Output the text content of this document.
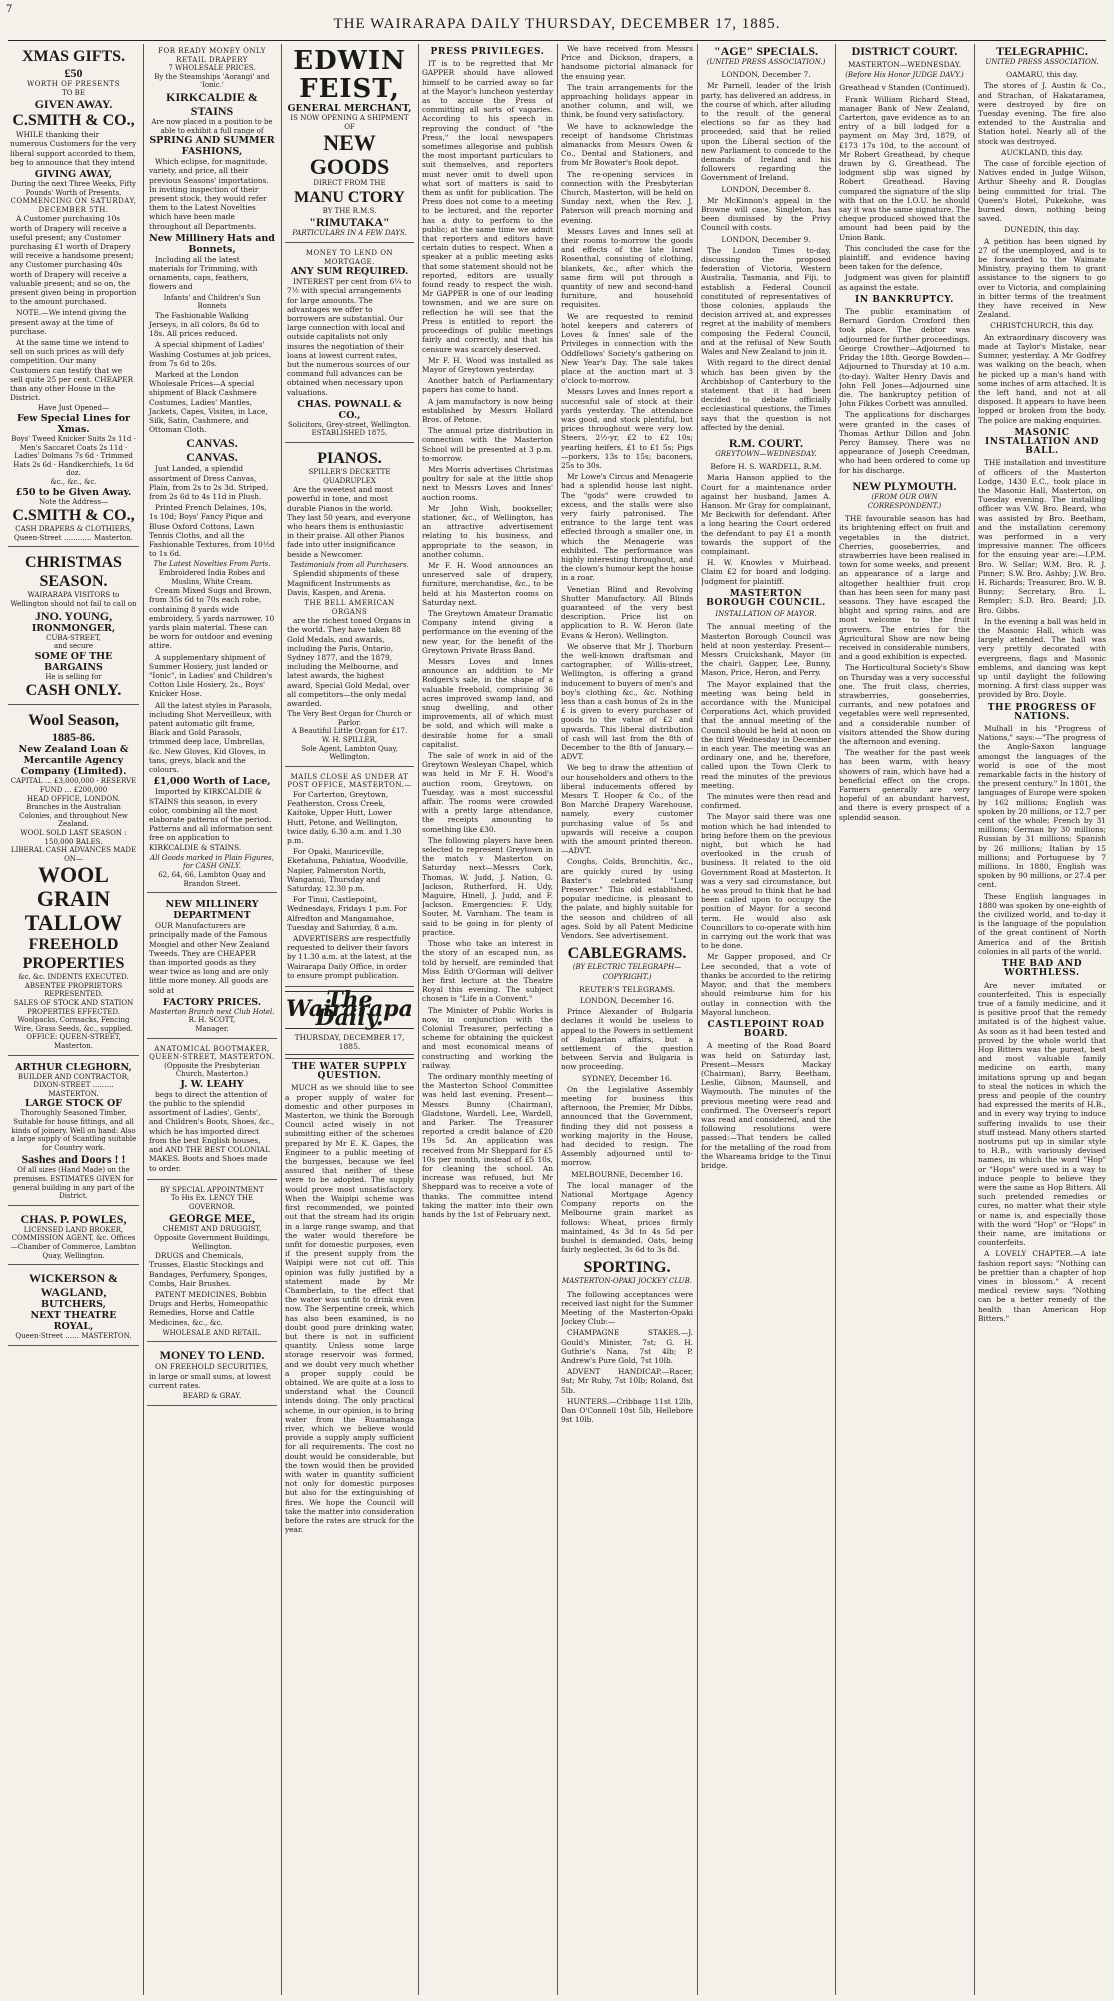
7
THE WAIRARAPA DAILY THURSDAY, DECEMBER 17, 1885.
XMAS GIFTS.
£50
WORTH OF PRESENTS
TO BE
GIVEN AWAY.
C.SMITH & CO.,

WHILE thanking their numerous Customers for the very liberal support accorded to them, beg to announce that they intend

GIVING AWAY,
During the next Three Weeks, Fifty Pounds' Worth of Presents.
COMMENCING ON SATURDAY, DECEMBER 5TH.

A Customer purchasing 10s worth of Drapery will receive a useful present; any Customer purchasing £1 worth of Drapery will receive a handsome present; any Customer purchasing 40s worth of Drapery will receive a valuable present; and so on, the present given being in proportion to the amount purchased.

NOTE.—We intend giving the present away at the time of purchase.

At the same time we intend to sell on such prices as will defy competition. Our many Customers can testify that we sell quite 25 per cent. CHEAPER than any other House in the District.

Have Just Opened—
Few Special Lines for Xmas.
Boys' Tweed Knicker Suits 2s 11d · Men's Saccaret Coats 2s 11d · Ladies' Dolmans 7s 6d · Trimmed Hats 2s 6d · Handkerchiefs, 1s 6d doz.
&c., &c., &c.
£50 to be Given Away.
Note the Address—
C.SMITH & CO.,
CASH DRAPERS & CLOTHIERS, Queen-Street ………… Masterton.
CHRISTMAS
SEASON.
WAIRARAPA VISITORS to Wellington should not fail to call on
JNO. YOUNG,
IRONMONGER,
CUBA-STREET,
and secure
SOME OF THE BARGAINS
He is selling for
CASH ONLY.
Wool Season,
1885-86.
New Zealand Loan & Mercantile Agency Company (Limited).
CAPITAL … £3,000,000 · RESERVE FUND … £200,000
HEAD OFFICE, LONDON. Branches in the Australian Colonies, and throughout New Zealand.
WOOL SOLD LAST SEASON : 150,000 BALES.
LIBERAL CASH ADVANCES MADE ON—
WOOL
GRAIN
TALLOW
FREEHOLD
PROPERTIES
&c. &c. INDENTS EXECUTED.
ABSENTEE PROPRIETORS REPRESENTED.
SALES OF STOCK AND STATION PROPERTIES EFFECTED.
Woolpacks, Cornsacks, Fencing Wire, Grass Seeds, &c., supplied.
OFFICE: QUEEN-STREET, Masterton.
ARTHUR CLEGHORN,
BUILDER AND CONTRACTOR, DIXON-STREET ……… MASTERTON.
LARGE STOCK OF
Thoroughly Seasoned Timber, Suitable for house fittings, and all kinds of joinery. Well on hand: Also a large supply of Scantling suitable for Country work.
Sashes and Doors ! !
Of all sizes (Hand Made) on the premises. ESTIMATES GIVEN for general building in any part of the District.
CHAS. P. POWLES,
LICENSED LAND BROKER, COMMISSION AGENT, &c. Offices—Chamber of Commerce, Lambton Quay, Wellington.
WICKERSON & WAGLAND,
BUTCHERS,
NEXT THEATRE ROYAL,
Queen-Street …… MASTERTON.
FOR READY MONEY ONLY RETAIL DRAPERY
7 WHOLESALE PRICES.
By the Steamships 'Aorangi' and 'Ionic.'
KIRKCALDIE & STAINS
Are now placed in a position to be able to exhibit a full range of
SPRING AND SUMMER FASHIONS,

Which eclipse, for magnitude, variety, and price, all their previous Seasons' importations. In inviting inspection of their present stock, they would refer them to the Latest Novelties which have been made throughout all Departments.

New Millinery Hats and Bonnets,

Including all the latest materials for Trimming, with ornaments, caps, feathers, flowers and

Infants' and Children's Sun Bonnets

The Fashionable Walking Jerseys, in all colors, 8s 6d to 18s. All prices reduced.

A special shipment of Ladies' Washing Costumes at job prices, from 7s 6d to 20s.

Marked at the London Wholesale Prices—A special shipment of Black Cashmere Costumes, Ladies' Mantles, Jackets, Capes, Visites, in Lace, Silk, Satin, Cashmere, and Ottoman Cloth.

CANVAS.
CANVAS.

Just Landed, a splendid assortment of Dress Canvas, Plain, from 2s to 2s 3d. Striped, from 2s 6d to 4s 11d in Plush.

Printed French Delaines, 10s, 1s 10d; Boys' Fancy Pique and Bluse Oxford Cottons, Lawn Tennis Cloths, and all the Fashionable Textures, from 10½d to 1s 6d.

The Latest Novelties From Paris.
Embroidered India Robes and Muslins, White Cream.

Cream Mixed Sugs and Brown, from 35s 6d to 70s each robe, containing 8 yards wide embroidery, 5 yards narrower, 10 yards plain material. These can be worn for outdoor and evening attire.

A supplementary shipment of Summer Hosiery, just landed or "Ionic", in Ladies' and Children's Cotton Lisle Hosiery, 2s., Boys' Knicker Hose.

All the latest styles in Parasols, including Shot Merveilleux, with patent automatic gilt frame, Black and Gold Parasols, trimmed deep lace, Umbrellas, &c. New Gloves, Kid Gloves, in tans, greys, black and the colours.

£1,000 Worth of Lace,

Imported by KIRKCALDIE & STAINS this season, in every color, combining all the most elaborate patterns of the period. Patterns and all information sent free on application to KIRKCALDIE & STAINS.

All Goods marked in Plain Figures, for CASH ONLY.
62, 64, 66, Lambton Quay and Brandon Street.
NEW MILLINERY DEPARTMENT

OUR Manufacturers are principally made of the Famous Mosgiel and other New Zealand Tweeds. They are CHEAPER than imported goods as they wear twice as long and are only little more money. All goods are sold at

FACTORY PRICES.
Masterton Branch next Club Hotel.
R. H. SCOTT,
Manager.
ANATOMICAL BOOTMAKER, QUEEN-STREET, MASTERTON.
(Opposite the Presbyterian Church, Masterton.)
J. W. LEAHY

begs to direct the attention of the public to the splendid assortment of Ladies', Gents', and Children's Boots, Shoes, &c., which he has imported direct from the best English houses, and AND THE BEST COLONIAL MAKES. Boots and Shoes made to order.

BY SPECIAL APPOINTMENT
To His Ex. LENCY THE GOVERNOR.
GEORGE MEE,
CHEMIST AND DRUGGIST, Opposite Government Buildings, Wellington.

DRUGS and Chemicals, Trusses, Elastic Stockings and Bandages, Perfumery, Sponges, Combs, Hair Brushes.

PATENT MEDICINES, Bobbin Drugs and Herbs, Homeopathic Remedies, Horse and Cattle Medicines, &c., &c.

WHOLESALE AND RETAIL.
MONEY TO LEND.

ON FREEHOLD SECURITIES, in large or small sums, at lowest current rates.

BEARD & GRAY.
EDWIN FEIST,
GENERAL MERCHANT,
IS NOW OPENING A SHIPMENT OF
NEW GOODS
DIRECT FROM THE
MANU CTORY
BY THE R.M.S.
"RIMUTAKA"
PARTICULARS IN A FEW DAYS.
MONEY TO LEND ON MORTGAGE.
ANY SUM REQUIRED.

INTEREST per cent from 6¼ to 7½ with special arrangements for large amounts. The advantages we offer to borrowers are substantial. Our large connection with local and outside capitalists not only insures the negotiation of their loans at lowest current rates, but the numerous sources of our command full advances can be obtained when necessary upon valuations.

CHAS. POWNALL & CO.,
Solicitors, Grey-street, Wellington.
ESTABLISHED 1875.
PIANOS.
SPILLER'S DECKETTE QUADRUPLEX

Are the sweetest and most powerful in tone, and most durable Pianos in the world. They last 50 years, and everyone who hears them is enthusiastic in their praise. All other Pianos fade into utter insignificance beside a Newcomer.

Testimonials from all Purchasers.

Splendid shipments of these Magnificent Instruments as Davis, Kaspen, and Arena.

THE BELL AMERICAN ORGANS

are the richest toned Organs in the world. They have taken 88 Gold Medals, and awards, including the Paris, Ontario, Sydney 1877, and the 1879, including the Melbourne, and latest awards, the highest award, Special Gold Medal, over all competitors—the only medal awarded.

The Very Best Organ for Church or Parlor.
A Beautiful Little Organ for £17.
W. H. SPILLER,
Sole Agent, Lambton Quay, Wellington.
MAILS CLOSE AS UNDER AT POST OFFICE, MASTERTON.—

For Carterton, Greytown, Featherston, Cross Creek, Kaitoke, Upper Hutt, Lower Hutt, Petone, and Wellington, twice daily, 6.30 a.m. and 1.30 p.m.

For Opaki, Mauriceville, Eketahuna, Pahiatua, Woodville, Napier, Palmerston North, Wanganui, Thursday and Saturday, 12.30 p.m.

For Tinui, Castlepoint, Wednesdays, Fridays 1 p.m. For Alfredton and Mangamahoe, Tuesday and Saturday, 8 a.m.

ADVERTISERS are respectfully requested to deliver their favors by 11.30 a.m. at the latest, at the Wairarapa Daily Office, in order to ensure prompt publication.

The Wairarapa Daily.
THURSDAY, DECEMBER 17, 1885.
THE WATER SUPPLY QUESTION.

MUCH as we should like to see a proper supply of water for domestic and other purposes in Masterton, we think the Borough Council acted wisely in not submitting either of the schemes prepared by Mr E. K. Gapes, the Engineer to a public meeting of the burgesses, because we feel assured that neither of these were to be adopted. The supply would prove most unsatisfactory. When the Waipipi scheme was first recommended, we pointed out that the stream had its origin in a large range swamp, and that the water would therefore be unfit for domestic purposes, even if the present supply from the Waipipi were not cut off. This opinion was fully justified by a statement made by Mr Chamberlain, to the effect that the water was unfit to drink even now. The Serpentine creek, which has also been examined, is no doubt good pure drinking water, but there is not in sufficient quantity. Unless some large storage reservoir was formed, and we doubt very much whether a proper supply could be obtained. We are quite at a loss to understand what the Council intends doing. The only practical scheme, in our opinion, is to bring water from the Ruamahanga river, which we believe would provide a supply amply sufficient for all requirements. The cost no doubt would be considerable, but the town would then be provided with water in quantity sufficient not only for domestic purposes but also for the extinguishing of fires. We hope the Council will take the matter into consideration before the rates are struck for the year.

PRESS PRIVILEGES.

IT is to be regretted that Mr GAPPER should have allowed himself to be carried away so far at the Mayor's luncheon yesterday as to accuse the Press of committing all sorts of vagaries. According to his speech in reproving the conduct of "the Press," the local newspapers sometimes allegorise and publish the most important particulars to suit themselves, and reporters must never omit to dwell upon what sort of matters is said to them as unfit for publication. The Press does not come to a meeting to be lectured, and the reporter has a duty to perform to the public; at the same time we admit that reporters and editors have certain duties to respect. When a speaker at a public meeting asks that some statement should not be reported, editors are usually found ready to respect the wish. Mr GAPPER is one of our leading townsmen, and we are sure on reflection he will see that the Press is entitled to report the proceedings of public meetings fairly and correctly, and that his censure was scarcely deserved.

Mr F. H. Wood was installed as Mayor of Greytown yesterday.

Another batch of Parliamentary papers has come to hand.

A jam manufactory is now being established by Messrs Hollard Bros. of Petone.

The annual prize distribution in connection with the Masterton School will be presented at 3 p.m. to-morrow.

Mrs Morris advertises Christmas poultry for sale at the little shop next to Messrs Loves and Innes' auction rooms.

Mr John Wish, bookseller, stationer, &c., of Wellington, has an attractive advertisement relating to his business, and appropriate to the season, in another column.

Mr F. H. Wood announces an unreserved sale of drapery, furniture, merchandise, &c., to be held at his Masterton rooms on Saturday next.

The Greytown Amateur Dramatic Company intend giving a performance on the evening of the new year, for the benefit of the Greytown Private Brass Band.

Messrs Loves and Innes announce an addition to Mr Rodgers's sale, in the shape of a valuable freehold, comprising 36 acres improved swamp land, and snug dwelling, and other improvements, all of which must be sold, and which will make a desirable home for a small capitalist.

The sale of work in aid of the Greytown Wesleyan Chapel, which was held in Mr F. H. Wood's auction room, Greytown, on Tuesday, was a most successful affair. The rooms were crowded with a pretty large attendance, the receipts amounting to something like £30.

The following players have been selected to represent Greytown in the match v Masterton on Saturday next—Messrs Cork, Thomas, W. Judd, J. Nation, G. Jackson, Rutherford, H. Udy, Maguire, Hinell, J. Judd, and F. Jackson. Emergencies: F. Udy, Souter, M. Varnham. The team is said to be going in for plenty of practice.

Those who take an interest in the story of an escaped nun, as told by herself, are reminded that Miss Edith O'Gorman will deliver her first lecture at the Theatre Royal this evening. The subject chosen is "Life in a Convent."

The Minister of Public Works is now, in conjunction with the Colonial Treasurer, perfecting a scheme for obtaining the quickest and most economical means of constructing and working the railway.

The ordinary monthly meeting of the Masterton School Committee was held last evening. Present—Messrs Bunny (Chairman), Gladstone, Wardell, Lee, Wardell, and Parker. The Treasurer reported a credit balance of £20 19s 5d. An application was received from Mr Sheppard for £5 10s per month, instead of £5 10s, for cleaning the school. An increase was refused, but Mr Sheppard was to receive a vote of thanks. The committee intend taking the matter into their own hands by the 1st of February next.

We have received from Messrs Price and Dickson, drapers, a handsome pictorial almanack for the ensuing year.

The train arrangements for the approaching holidays appear in another column, and will, we think, be found very satisfactory.

We have to acknowledge the receipt of handsome Christmas almanacks from Messrs Owen & Co., Dental and Stationers, and from Mr Bowater's Book depot.

The re-opening services in connection with the Presbyterian Church, Masterton, will be held on Sunday next, when the Rev. J. Paterson will preach morning and evening.

Messrs Loves and Innes sell at their rooms to-morrow the goods and effects of the late Israel Rosenthal, consisting of clothing, blankets, &c., after which the same firm will put through a quantity of new and second-hand furniture, and household requisites.

We are requested to remind hotel keepers and caterers of Loves & Innes' sale of the Privileges in connection with the Oddfellows' Society's gathering on New Year's Day. The sale takes place at the auction mart at 3 o'clock to-morrow.

Messrs Loves and Innes report a successful sale of stock at their yards yesterday. The attendance was good, and stock plentiful, but prices throughout were very low. Steers, 2½-yr, £2 to £2 10s; yearling heifers, £1 to £1 5s; Pigs—porkers, 13s to 15s; baconers, 25s to 30s.

Mr Lowe's Circus and Menagerie had a splendid house last night. The "gods" were crowded to excess, and the stalls were also very fairly patronised. The entrance to the large tent was effected through a smaller one, in which the Menagerie was exhibited. The performance was highly interesting throughout, and the clown's humour kept the house in a roar.

Venetian Blind and Revolving Shutter Manufactory. All Blinds guaranteed of the very best description. Price list on application to R. W. Heron (late Evans & Heron). Wellington.

We observe that Mr J. Thorburn the well-known draftsman and cartographer, of Willis-street, Wellington, is offering a grand inducement to buyers of men's and boy's clothing &c., &c. Nothing less than a cash bonus of 2s in the £ is given to every purchaser of goods to the value of £2 and upwards. This liberal distribution of cash will last from the 8th of December to the 8th of January.—ADVT.

We beg to draw the attention of our householders and others to the liberal inducements offered by Messrs T. Hooper & Co., of the Bon Marché Drapery Warehouse, namely, every customer purchasing value of 5s and upwards will receive a coupon with the amount printed thereon.—ADVT.

Coughs, Colds, Bronchitis, &c., are quickly cured by using Baxter's celebrated "Lung Preserver." This old established, popular medicine, is pleasant to the palate, and highly suitable for the season and children of all ages. Sold by all Patent Medicine Vendors. See advertisement.

CABLEGRAMS.
(BY ELECTRIC TELEGRAPH—COPYRIGHT.)
REUTER'S TELEGRAMS.
LONDON, December 16.

Prince Alexander of Bulgaria declares it would be useless to appeal to the Powers in settlement of Bulgarian affairs, but a settlement of the question between Servia and Bulgaria is now proceeding.

SYDNEY, December 16.

On the Legislative Assembly meeting for business this afternoon, the Premier, Mr Dibbs, announced that the Government, finding they did not possess a working majority in the House, had decided to resign. The Assembly adjourned until to-morrow.

MELBOURNE, December 16.

The local manager of the National Mortgage Agency Company reports on the Melbourne grain market as follows: Wheat, prices firmly maintained, 4s 3d to 4s 5d per bushel is demanded. Oats, being fairly neglected, 3s 6d to 3s 8d.

SPORTING.
MASTERTON-OPAKI JOCKEY CLUB.

The following acceptances were received last night for the Summer Meeting of the Masterton-Opaki Jockey Club:—

CHAMPAGNE STAKES.—J. Gould's Minister, 7st; G. H. Guthrie's Nana, 7st 4lb; P. Andrew's Pure Gold, 7st 10lb.

ADVENT HANDICAP.—Racer, 9st; Mr Ruby, 7st 10lb; Roland, 8st 5lb.

HUNTERS.—Cribbage 11st 12lb, Dan O'Connell 10st 5lb, Hellebore 9st 10lb.

"AGE" SPECIALS.
(UNITED PRESS ASSOCIATION.)
LONDON, December 7.

Mr Parnell, leader of the Irish party, has delivered an address, in the course of which, after alluding to the result of the general elections so far as they had proceeded, said that he relied upon the Liberal section of the new Parliament to concede to the demands of Ireland and his followers regarding the Government of Ireland.

LONDON, December 8.

Mr McKinnon's appeal in the Browne will case, Singleton, has been dismissed by the Privy Council with costs.

LONDON, December 9.

The London Times to-day, discussing the proposed federation of Victoria, Western Australia, Tasmania, and Fiji, to establish a Federal Council constituted of representatives of those colonies, applauds the decision arrived at, and expresses regret at the inability of members composing the Federal Council, and at the refusal of New South Wales and New Zealand to join it.

With regard to the direct denial which has been given by the Archbishop of Canterbury to the statement that it had been decided to debate officially ecclesiastical questions, the Times says that the question is not affected by the denial.

R.M. COURT.
GREYTOWN—WEDNESDAY.
Before H. S. WARDELL, R.M.

Maria Hanson applied to the Court for a maintenance order against her husband, James A. Hanson. Mr Gray for complainant, Mr Beckwith for defendant. After a long hearing the Court ordered the defendant to pay £1 a month towards the support of the complainant.

H. W. Knowles v Muirhead. Claim £2 for board and lodging. Judgment for plaintiff.

MASTERTON BOROUGH COUNCIL.
INSTALLATION OF MAYOR.

The annual meeting of the Masterton Borough Council was held at noon yesterday. Present—Messrs Cruickshank, Mayor (in the chair), Gapper, Lee, Bunny, Mason, Price, Heron, and Perry.

The Mayor explained that the meeting was being held in accordance with the Municipal Corporations Act, which provided that the annual meeting of the Council should be held at noon on the third Wednesday in December in each year. The meeting was an ordinary one, and he, therefore, called upon the Town Clerk to read the minutes of the previous meeting.

The minutes were then read and confirmed.

The Mayor said there was one motion which he had intended to bring before them on the previous night, but which he had overlooked in the crush of business. It related to the old Government Road at Masterton. It was a very sad circumstance, but he was proud to think that he had been called upon to occupy the position of Mayor for a second term. He would also ask Councillors to co-operate with him in carrying out the work that was to be done.

Mr Gapper proposed, and Cr Lee seconded, that a vote of thanks be accorded to the retiring Mayor, and that the members should reimburse him for his outlay in connection with the Mayoral luncheon.

CASTLEPOINT ROAD BOARD.

A meeting of the Road Board was held on Saturday last, Present—Messrs Mackay (Chairman), Barry, Beetham, Leslie, Gibson, Maunsell, and Waymouth. The minutes of the previous meeting were read and confirmed. The Overseer's report was read and considered, and the following resolutions were passed:—That tenders be called for the metalling of the road from the Whareama bridge to the Tinui bridge.

DISTRICT COURT.
MASTERTON—WEDNESDAY.
(Before His Honor JUDGE DAVY.)
Greathead v Standen (Continued).

Frank William Richard Stead, manager Bank of New Zealand, Carterton, gave evidence as to an entry of a bill lodged for a payment on May 3rd, 1879, of £173 17s 10d, to the account of Mr Robert Greathead, by cheque drawn by G. Greathead. The lodgment slip was signed by Robert Greathead. Having compared the signature of the slip with that on the I.O.U. he should say it was the same signature. The cheque produced showed that the amount had been paid by the Union Bank.

This concluded the case for the plaintiff, and evidence having been taken for the defence,

Judgment was given for plaintiff as against the estate.

IN BANKRUPTCY.

The public examination of Bernard Gordon Croxford then took place. The debtor was adjourned for further proceedings. George Crowther—Adjourned to Friday the 18th. George Bowden—Adjourned to Thursday at 10 a.m. (to-day). Walter Henry Davis and John Fell Jones—Adjourned sine die. The bankruptcy petition of John Fikkes Corbett was annulled.

The applications for discharges were granted in the cases of Thomas Arthur Dillon and John Percy Bamsey. There was no appearance of Joseph Creedman, who had been ordered to come up for his discharge.

NEW PLYMOUTH.
(FROM OUR OWN CORRESPONDENT.)

THE favourable season has had its brightening effect on fruit and vegetables in the district. Cherries, gooseberries, and strawberries have been realised in town for some weeks, and present an appearance of a large and altogether healthier fruit crop than has been seen for many past seasons. They have escaped the blight and spring rains, and are most welcome to the fruit growers. The entries for the Agricultural Show are now being received in considerable numbers, and a good exhibition is expected.

The Horticultural Society's Show on Thursday was a very successful one. The fruit class, cherries, strawberries, gooseberries, currants, and new potatoes and vegetables were well represented, and a considerable number of visitors attended the Show during the afternoon and evening.

The weather for the past week has been warm, with heavy showers of rain, which have had a beneficial effect on the crops. Farmers generally are very hopeful of an abundant harvest, and there is every prospect of a splendid season.

TELEGRAPHIC.
UNITED PRESS ASSOCIATION.
OAMARU, this day.

The stores of J. Austin & Co., and Strachan, of Hakataramea, were destroyed by fire on Tuesday evening. The fire also extended to the Australia and Station hotel. Nearly all of the stock was destroyed.

AUCKLAND, this day.

The case of forcible ejection of Natives ended in Judge Wilson, Arthur Sheehy and R. Douglas being committed for trial. The Queen's Hotel, Pukekohe, was burned down, nothing being saved.

DUNEDIN, this day.

A petition has been signed by 27 of the unemployed, and is to be forwarded to the Waimate Ministry, praying them to grant assistance to the signers to go over to Victoria, and complaining in bitter terms of the treatment they have received in New Zealand.

CHRISTCHURCH, this day.

An extraordinary discovery was made at Taylor's Mistake, near Sumner, yesterday. A Mr Godfrey was walking on the beach, when he picked up a man's hand with some inches of arm attached. It is the left hand, and not at all disposed. It appears to have been lopped or broken from the body. The police are making enquiries.

MASONIC INSTALLATION AND BALL.

THE installation and investiture of officers of the Masterton Lodge, 1430 E.C., took place in the Masonic Hall, Masterton, on Tuesday evening. The installing officer was V.W. Bro. Beard, who was assisted by Bro. Beetham, and the installation ceremony was performed in a very impressive manner. The officers for the ensuing year are:—I.P.M. Bro. W. Sellar; W.M. Bro. R. J. Pinner; S.W. Bro. Ashby; J.W. Bro. H. Richards; Treasurer, Bro. W. B. Bunny; Secretary, Bro. L. Rempler; S.D. Bro. Beard; J.D. Bro. Gibbs.

In the evening a ball was held in the Masonic Hall, which was largely attended. The hall was very prettily decorated with evergreens, flags and Masonic emblems, and dancing was kept up until daylight the following morning. A first class supper was provided by Bro. Doyle.

THE PROGRESS OF NATIONS.

Mulhall in his "Progress of Nations," says:—"The progress of the Anglo-Saxon language amongst the languages of the world is one of the most remarkable facts in the history of the present century." In 1801, the languages of Europe were spoken by 162 millions; English was spoken by 20 millions, or 12.7 per cent of the whole; French by 31 millions; German by 30 millions; Russian by 31 millions; Spanish by 26 millions; Italian by 15 millions; and Portuguese by 7 millions. In 1880, English was spoken by 90 millions, or 27.4 per cent.

These English languages in 1880 was spoken by one-eighth of the civilized world, and to-day it is the language of the population of the great continent of North America and of the British colonies in all parts of the world.

THE BAD AND WORTHLESS.

Are never imitated or counterfeited. This is especially true of a family medicine, and it is positive proof that the remedy imitated is of the highest value. As soon as it had been tested and proved by the whole world that Hop Bitters was the purest, best and most valuable family medicine on earth, many imitations sprung up and began to steal the notices in which the press and people of the country had expressed the merits of H.B., and in every way trying to induce suffering invalids to use their stuff instead. Many others started nostrums put up in similar style to H.B., with variously devised names, in which the word "Hop" or "Hops" were used in a way to induce people to believe they were the same as Hop Bitters. All such pretended remedies or cures, no matter what their style or name is, and especially those with the word "Hop" or "Hops" in their name, are imitations or counterfeits.

A LOVELY CHAPTER.—A late fashion report says: "Nothing can be prettier than a chapter of hop vines in blossom." A recent medical review says: "Nothing can be a better remedy of the health than American Hop Bitters."
